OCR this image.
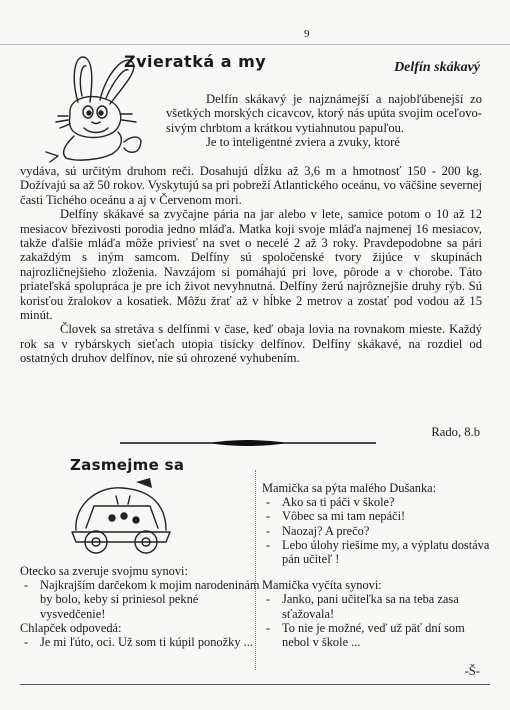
9
Zvieratká a my	Delfín skákavý

Delfín skákavý je najznámejší a najobľúbenejší zo všetkých morských cicavcov, ktorý nás upúta svojim oceľovo-sivým chrbtom a krátkou vytiahnutou papuľou.

Je to inteligentné zviera a zvuky, ktoré

vydáva, sú určitým druhom reči. Dosahujú dĺžku až 3,6 m a hmotnosť 150 - 200 kg. Dožívajú sa až 50 rokov. Vyskytujú sa pri pobreží Atlantického oceánu, vo väčšine severnej časti Tichého oceánu a aj v Červenom mori.

Delfíny skákavé sa zvyčajne pária na jar alebo v lete, samice potom o 10 až 12 mesiacov březivosti porodia jedno mláďa. Matka koji svoje mláďa najmenej 16 mesiacov, takže ďalšie mláďa môže priviesť na svet o necelé 2 až 3 roky. Pravdepodobne sa pári zakaždým s iným samcom. Delfíny sú spoločenské tvory žijúce v skupinách najrozličnejšieho zloženia. Navzájom si pomáhajú pri love, pôrode a v chorobe. Táto priateľská spolupráca je pre ich život nevyhnutná. Delfíny žerú najrôznejšie druhy rýb. Sú korisťou žralokov a kosatiek. Môžu žrať až v hĺbke 2 metrov a zostať pod vodou až 15 minút.

Človek sa stretáva s delfínmi v čase, keď obaja lovia na rovnakom mieste. Každý rok sa v rybárskych sieťach utopia tisícky delfínov. Delfíny skákavé, na rozdiel od ostatných druhov delfínov, nie sú ohrozené vyhubením.

Rado, 8.b
Zasmejme sa
Otecko sa zveruje svojmu synovi:
- Najkrajším darčekom k mojim narodeninám by bolo, keby si priniesol pekné vysvedčenie!
Chlapček odpovedá:
- Je mi ľúto, oci. Už som ti kúpil ponožky ...
Mamička sa pýta malého Dušanka:
- Ako sa ti páči v škole?
- Vôbec sa mi tam nepáči!
- Naozaj? A prečo?
- Lebo úlohy riešime my, a výplatu dostáva pán učiteľ !
Mamička vyčíta synovi:
- Janko, pani učiteľka sa na teba zasa sťažovala!
- To nie je možné, veď už päť dní som nebol v škole ...
-Š-
